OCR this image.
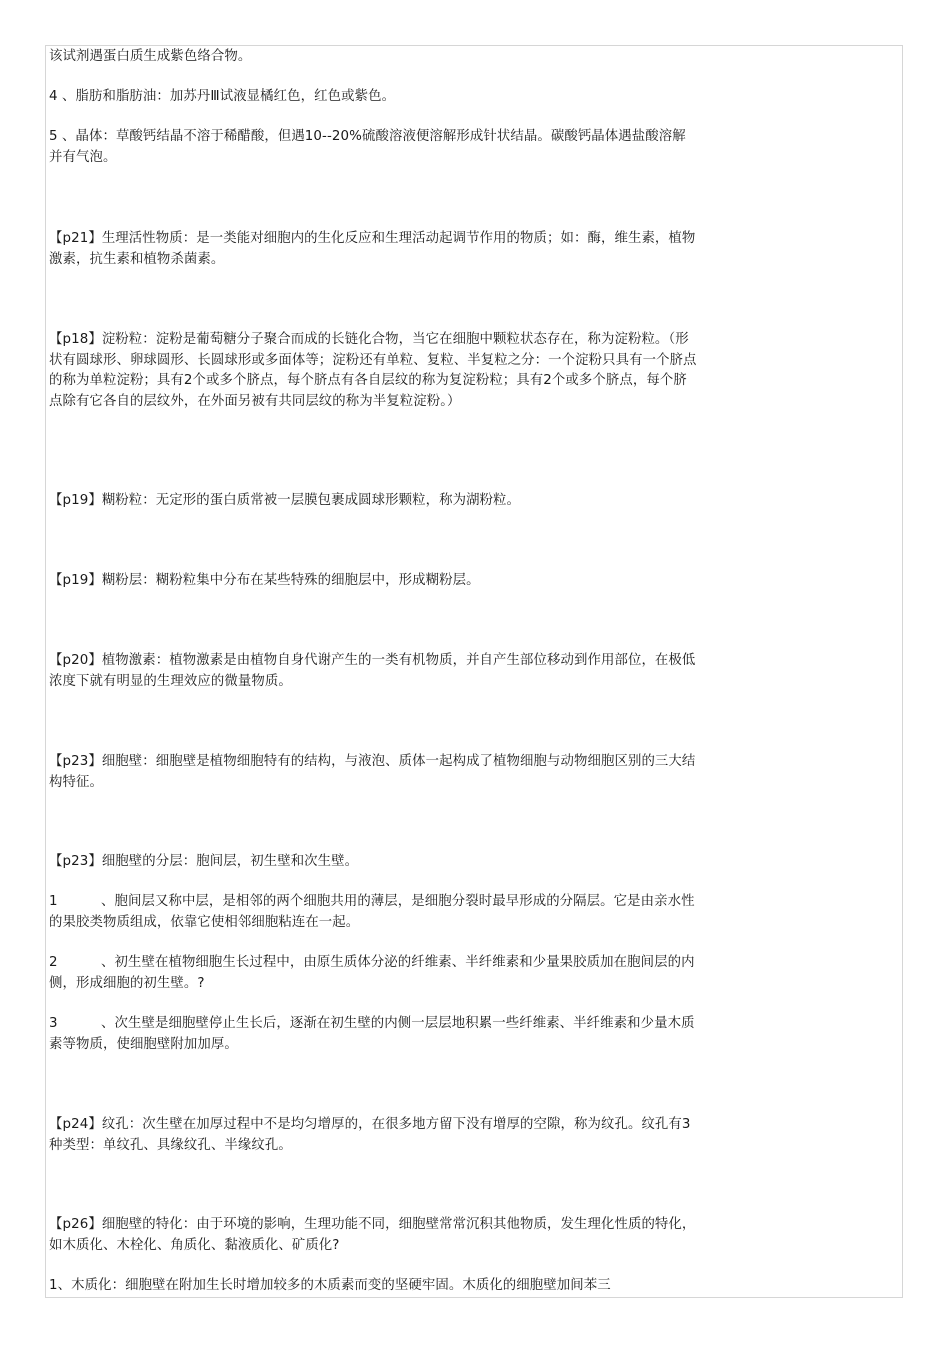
该试剂遇蛋白质生成紫色络合物。
4 、脂肪和脂肪油：加苏丹Ⅲ试液显橘红色，红色或紫色。
5 、晶体：草酸钙结晶不溶于稀醋酸，但遇10--20%硫酸溶液便溶解形成针状结晶。碳酸钙晶体遇盐酸溶解并有气泡。
【p21】生理活性物质：是一类能对细胞内的生化反应和生理活动起调节作用的物质；如：酶，维生素，植物激素，抗生素和植物杀菌素。
【p18】淀粉粒：淀粉是葡萄糖分子聚合而成的长链化合物，当它在细胞中颗粒状态存在，称为淀粉粒。（形状有圆球形、卵球圆形、长圆球形或多面体等；淀粉还有单粒、复粒、半复粒之分：一个淀粉只具有一个脐点的称为单粒淀粉；具有2个或多个脐点，每个脐点有各自层纹的称为复淀粉粒；具有2个或多个脐点，每个脐点除有它各自的层纹外，在外面另被有共同层纹的称为半复粒淀粉。）
【p19】糊粉粒：无定形的蛋白质常被一层膜包裹成圆球形颗粒，称为湖粉粒。
【p19】糊粉层：糊粉粒集中分布在某些特殊的细胞层中，形成糊粉层。
【p20】植物激素：植物激素是由植物自身代谢产生的一类有机物质，并自产生部位移动到作用部位，在极低浓度下就有明显的生理效应的微量物质。
【p23】细胞壁：细胞壁是植物细胞特有的结构，与液泡、质体一起构成了植物细胞与动物细胞区别的三大结构特征。
【p23】细胞壁的分层：胞间层，初生壁和次生壁。
1	、胞间层又称中层，是相邻的两个细胞共用的薄层，是细胞分裂时最早形成的分隔层。它是由亲水性的果胶类物质组成，依靠它使相邻细胞粘连在一起。
2	、初生壁在植物细胞生长过程中，由原生质体分泌的纤维素、半纤维素和少量果胶质加在胞间层的内侧，形成细胞的初生壁。?
3	、次生壁是细胞壁停止生长后，逐渐在初生壁的内侧一层层地积累一些纤维素、半纤维素和少量木质素等物质，使细胞壁附加加厚。
【p24】纹孔：次生壁在加厚过程中不是均匀增厚的，在很多地方留下没有增厚的空隙，称为纹孔。纹孔有3种类型：单纹孔、具缘纹孔、半缘纹孔。
【p26】细胞壁的特化：由于环境的影响，生理功能不同，细胞壁常常沉积其他物质，发生理化性质的特化，如木质化、木栓化、角质化、黏液质化、矿质化?
1、木质化：细胞壁在附加生长时增加较多的木质素而变的坚硬牢固。木质化的细胞壁加间苯三
